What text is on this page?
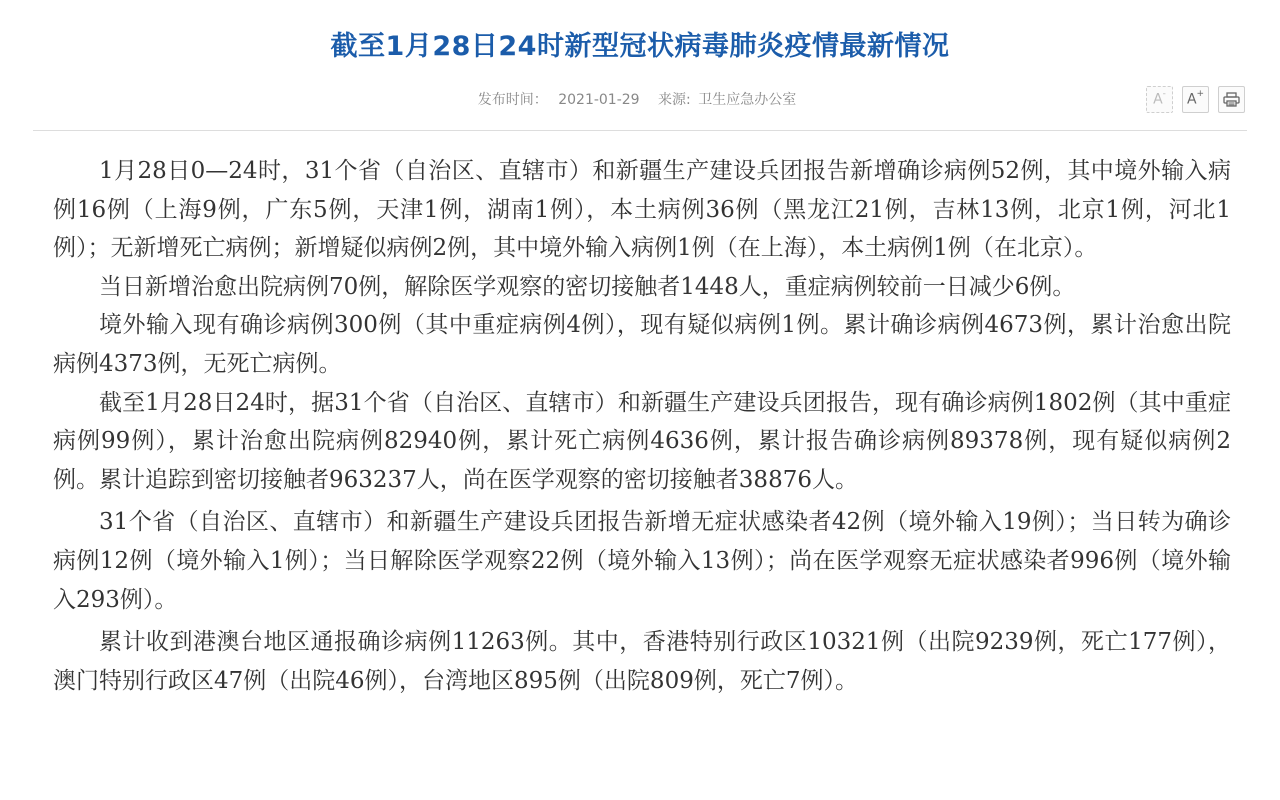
截至1月28日24时新型冠状病毒肺炎疫情最新情况
发布时间： 2021-01-29 来源: 卫生应急办公室	A- A+

1月28日0—24时，31个省（自治区、直辖市）和新疆生产建设兵团报告新增确诊病例52例，其中境外输入病例16例（上海9例，广东5例，天津1例，湖南1例），本土病例36例（黑龙江21例，吉林13例，北京1例，河北1例）；无新增死亡病例；新增疑似病例2例，其中境外输入病例1例（在上海），本土病例1例（在北京）。

当日新增治愈出院病例70例，解除医学观察的密切接触者1448人，重症病例较前一日减少6例。

境外输入现有确诊病例300例（其中重症病例4例），现有疑似病例1例。累计确诊病例4673例，累计治愈出院病例4373例，无死亡病例。

截至1月28日24时，据31个省（自治区、直辖市）和新疆生产建设兵团报告，现有确诊病例1802例（其中重症病例99例），累计治愈出院病例82940例，累计死亡病例4636例，累计报告确诊病例89378例，现有疑似病例2例。累计追踪到密切接触者963237人，尚在医学观察的密切接触者38876人。

31个省（自治区、直辖市）和新疆生产建设兵团报告新增无症状感染者42例（境外输入19例）；当日转为确诊病例12例（境外输入1例）；当日解除医学观察22例（境外输入13例）；尚在医学观察无症状感染者996例（境外输入293例）。

累计收到港澳台地区通报确诊病例11263例。其中，香港特别行政区10321例（出院9239例，死亡177例），澳门特别行政区47例（出院46例），台湾地区895例（出院809例，死亡7例）。
